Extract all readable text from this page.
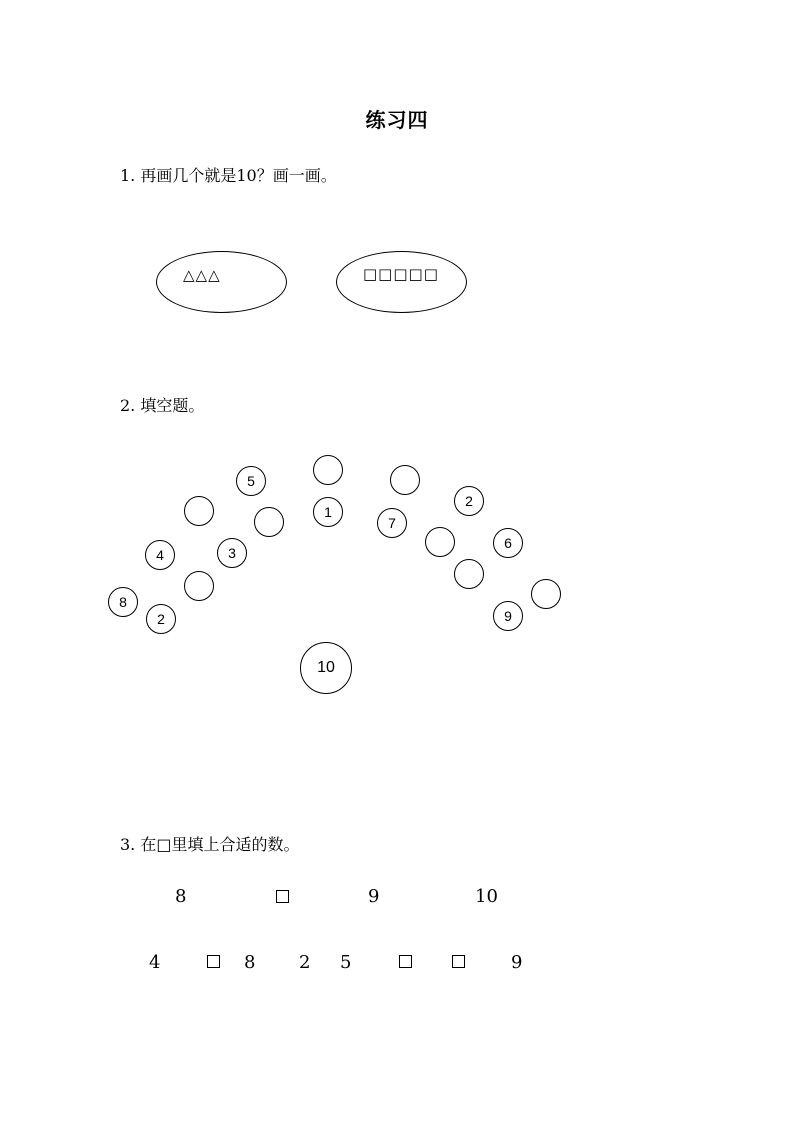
练习四
1. 再画几个就是10？画一画。
△△△	□□□□□
2. 填空题。
5
1
7
2
4	3
6
8
2	9
10
3. 在□里填上合适的数。
8	9	10
4	8 2 5	9
